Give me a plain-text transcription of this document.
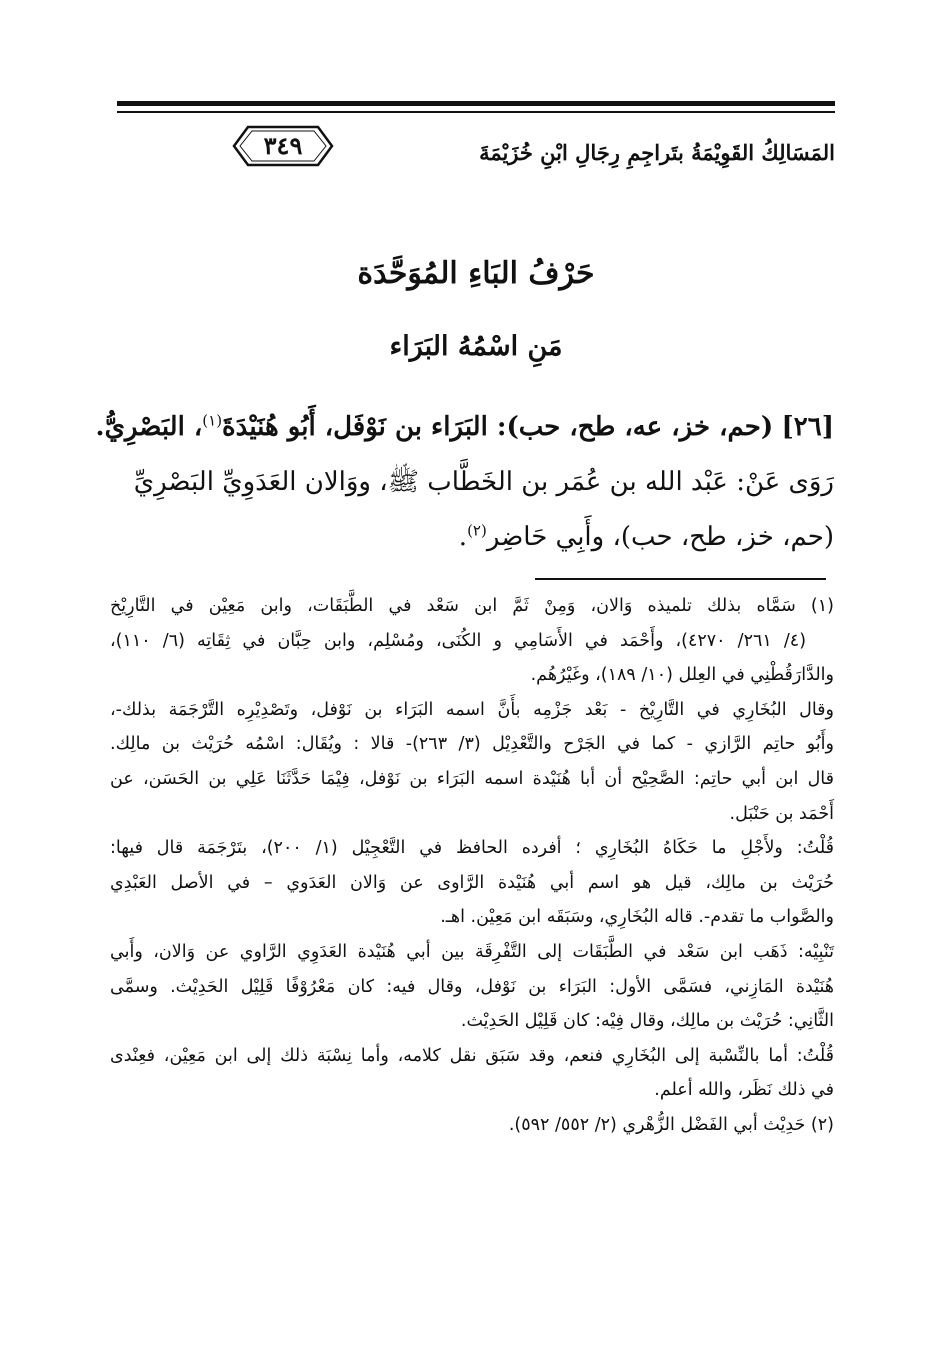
المَسَالِكُ القَوِيْمَةُ بتَراجِمِ رِجَالِ ابْنِ خُزَيْمَةَ
٣٤٩
حَرْفُ البَاءِ المُوَحَّدَة
مَنِ اسْمُهُ البَرَاء
[٢٦] (حم، خز، عه، طح، حب): البَرَاء بن نَوْفَل، أَبُو هُنَيْدَةَ$^{(١)}$، البَصْرِيُّ.
رَوَى عَنْ: عَبْد الله بن عُمَر بن الخَطَّاب ﷺ، ووَالان العَدَوِيِّ البَصْرِيِّ
(حم، خز، طح، حب)، وأَبِي حَاضِر$^{(٢)}$.
(١) سَمَّاه بذلك تلميذه وَالان، وَمِنْ ثَمَّ ابن سَعْد في الطَّبَقَات، وابن مَعِيْن في التَّارِيْخ
(٤/ ٢٦١/ ٤٢٧٠)، وأَحْمَد في الأَسَامِي و الكُنَى، ومُسْلِم، وابن حِبَّان في ثِقَاتِه (٦/ ١١٠)،
والدَّارَقُطْنِي في العِلل (١٠/ ١٨٩)، وغَيْرُهُم.
وقال البُخَارِي في التَّارِيْخ - بَعْد جَزْمِه بأَنَّ اسمه البَرَاء بن نَوْفل، وتَصْدِيْرِه التَّرْجَمَة بذلك-،
وأَبُو حاتِم الرَّازي - كما في الجَرْح والتَّعْدِيْل (٣/ ٢٦٣)- قالا : ويُقَال: اسْمُه حُرَيْث بن مالِك.
قال ابن أبي حاتِم: الصَّحِيْح أن أبا هُنَيْدة اسمه البَرَاء بن نَوْفل، فِيْمَا حَدَّثَنَا عَلِي بن الحَسَن، عن
أَحْمَد بن حَنْبَل.
قُلْتُ: ولأَجْلِ ما حَكَاهُ البُخَارِي ؛ أفرده الحافظ في التَّعْجِيْل (١/ ٢٠٠)، بتَرْجَمَة قال فيها:
حُرَيْث بن مالِك، قيل هو اسم أبي هُنَيْدة الرَّاوى عن وَالان العَدَوي – في الأصل العَبْدِي
والصَّواب ما تقدم-. قاله البُخَارِي، وسَبَقَه ابن مَعِيْن. اهـ.
تَنْبِيْه: ذَهَب ابن سَعْد في الطَّبَقَات إلى التَّفْرِقَة بين أبي هُنَيْدة العَدَوِي الرَّاوي عن وَالان، وأَبي
هُنَيْدة المَازِني، فسَمَّى الأول: البَرَاء بن نَوْفل، وقال فيه: كان مَعْرُوْفًا قَلِيْل الحَدِيْث. وسمَّى
الثَّانِي: حُرَيْث بن مالِك، وقال فِيْه: كان قَلِيْل الحَدِيْث.
قُلْتُ: أما بالنِّسْبة إلى البُخَارِي فنعم، وقد سَبَق نقل كلامه، وأما نِسْبَة ذلك إلى ابن مَعِيْن، فعِنْدى
في ذلك نَظَر، والله أعلم.
(٢) حَدِيْث أبي الفَضْل الزُّهْري (٢/ ٥٥٢/ ٥٩٢).
